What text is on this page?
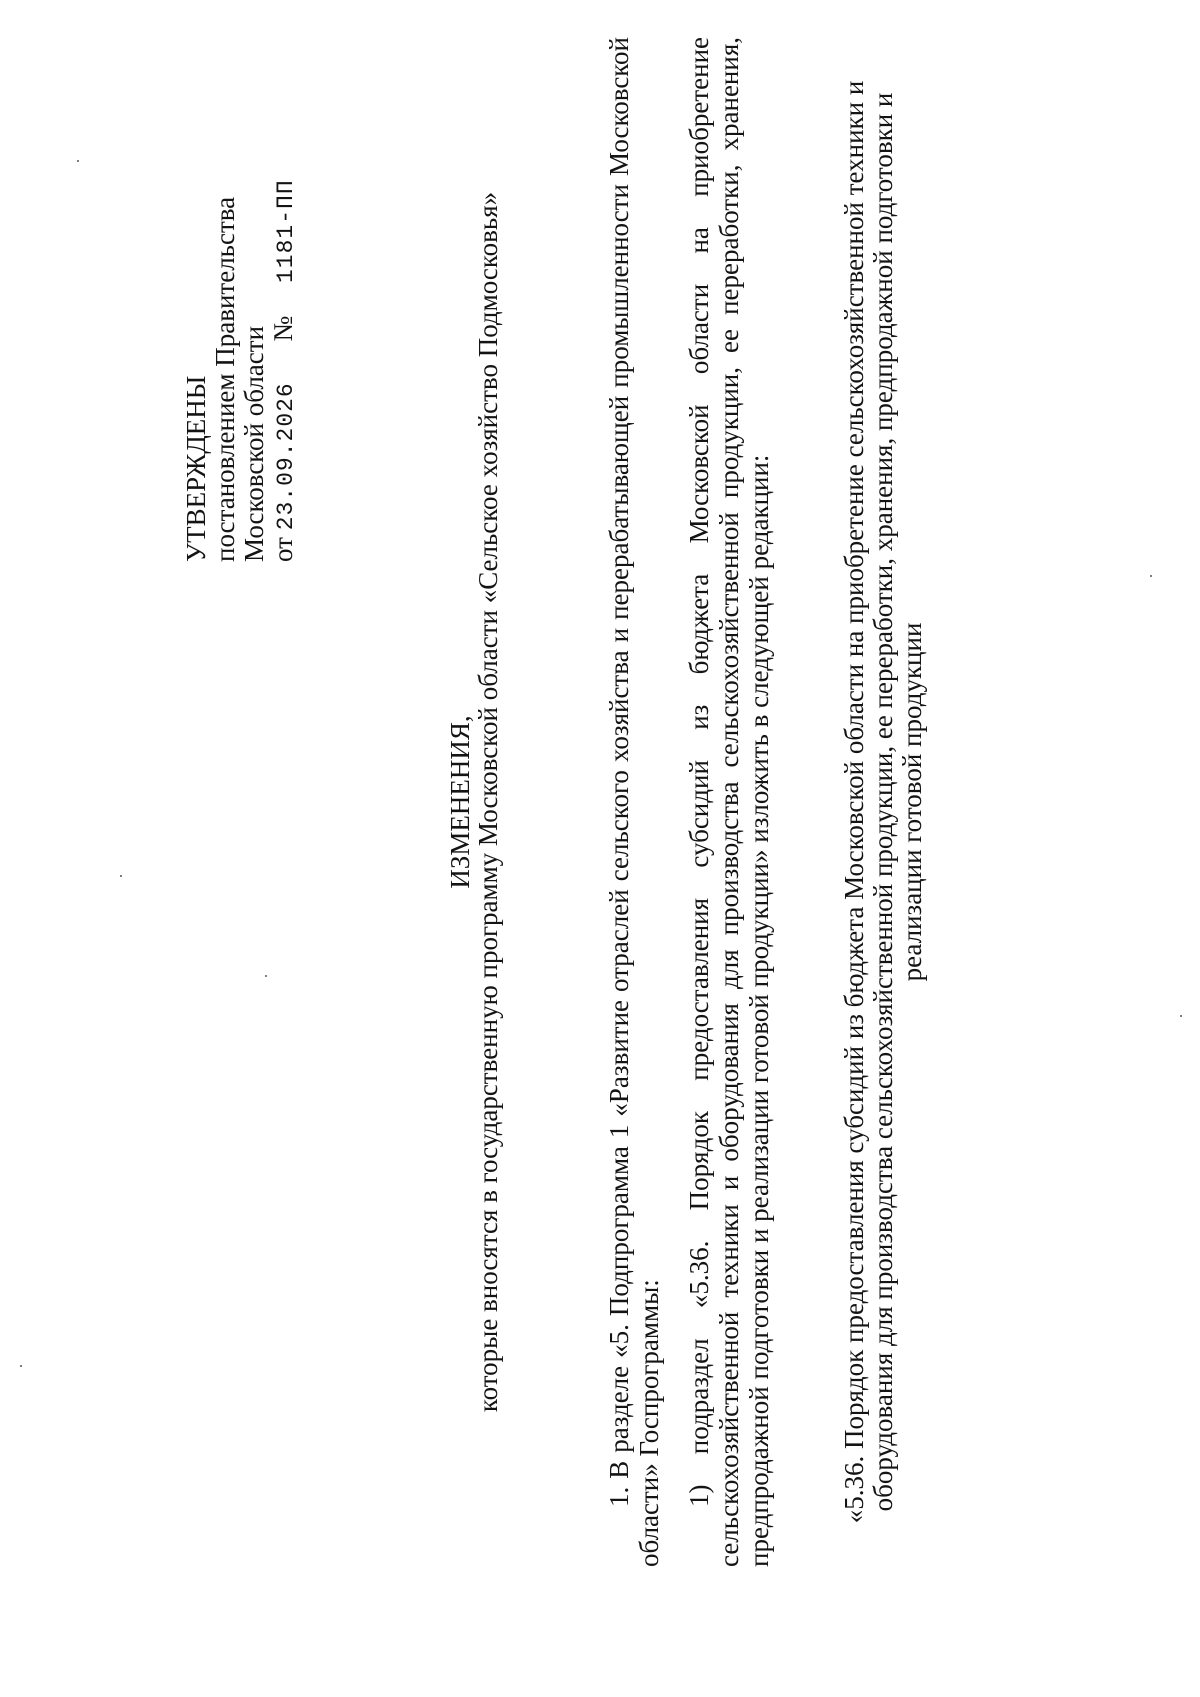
УТВЕРЖДЕНЫ постановлением Правительства Московской области от 23.09.2026 № 1181-ПП
ИЗМЕНЕНИЯ,
которые вносятся в государственную программу Московской области «Сельское хозяйство Подмосковья»	1. В разделе «5. Подпрограмма 1 «Развитие отраслей сельского хозяйства и перерабатывающей промышленности Московской области» Госпрограммы: 1) подраздел «5.36. Порядок предоставления субсидий из бюджета Московской области на приобретение сельскохозяйственной техники и оборудования для производства сельскохозяйственной продукции, ее переработки, хранения, предпродажной подготовки и реализации готовой продукции» изложить в следующей редакции: «5.36. Порядок предоставления субсидий из бюджета Московской области на приобретение сельскохозяйственной техники и оборудования для производства сельскохозяйственной продукции, ее переработки, хранения, предпродажной подготовки и реализации готовой продукции
